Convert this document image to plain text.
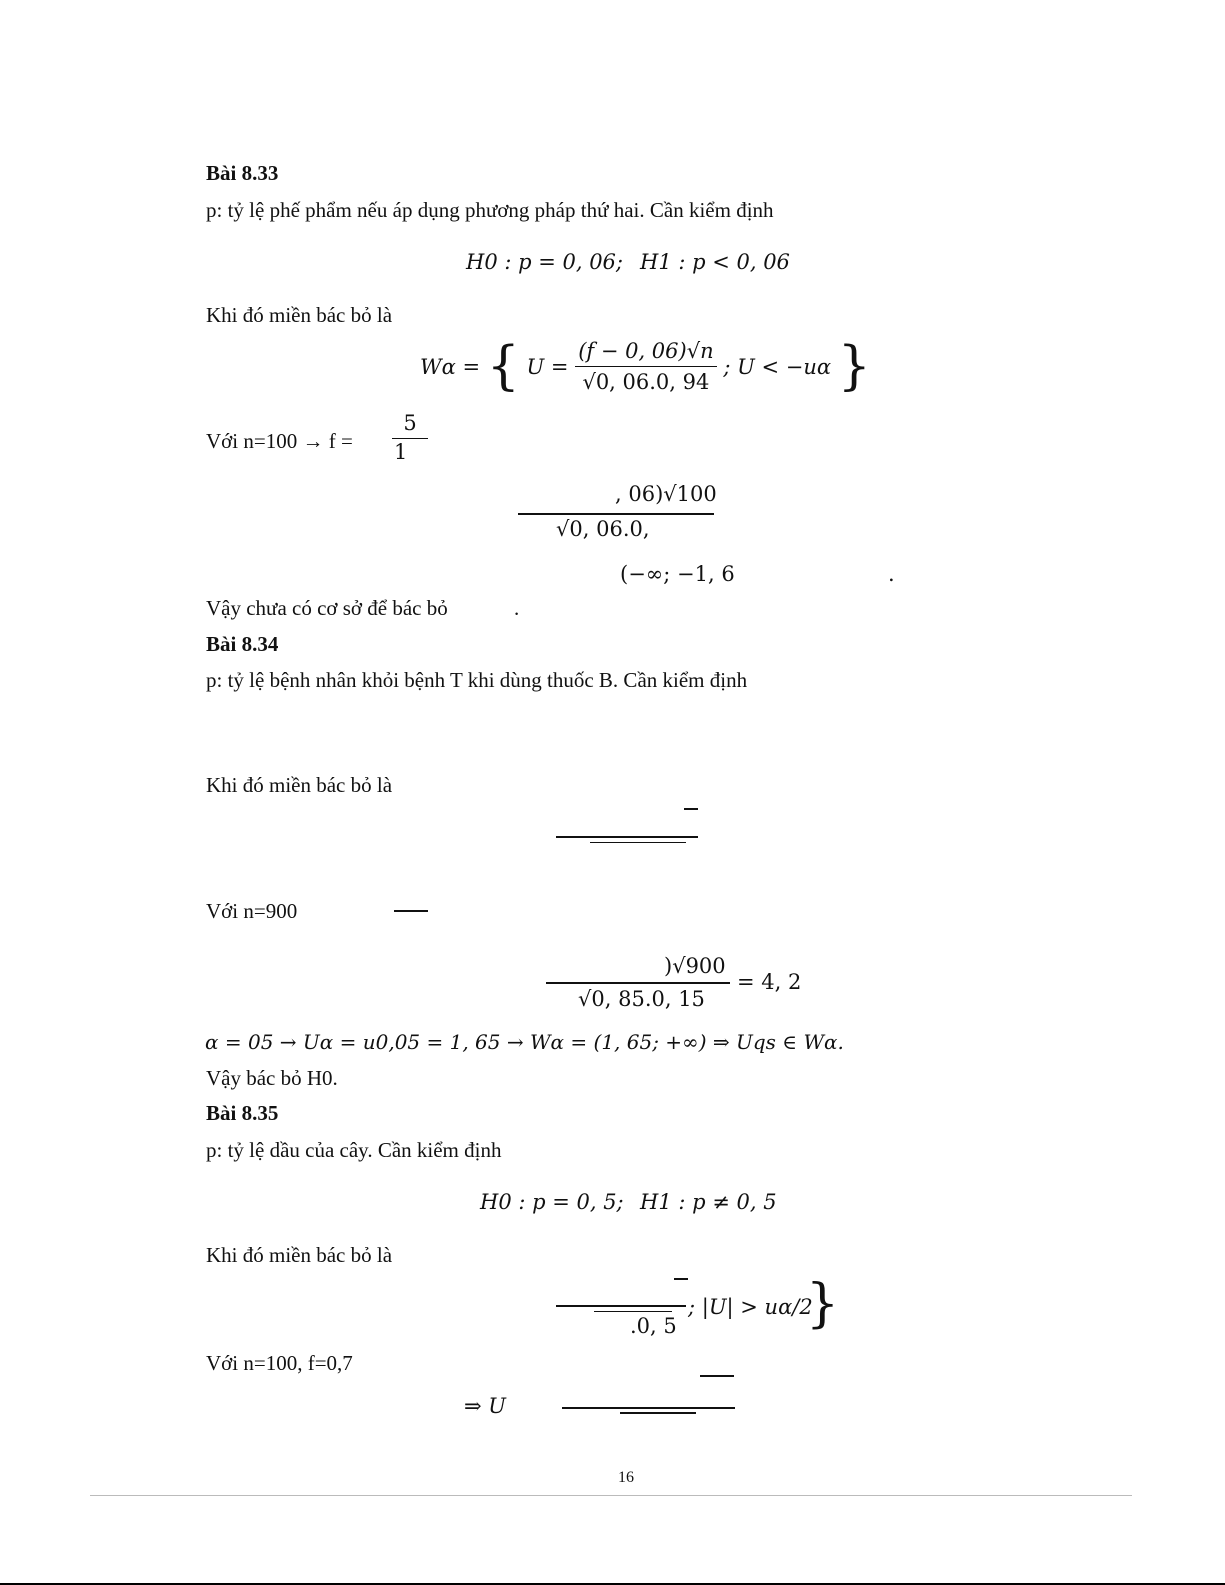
Bài 8.33
p: tỷ lệ phế phẩm nếu áp dụng phương pháp thứ hai. Cần kiểm định
H0 : p = 0, 06; H1 : p < 0, 06
Khi đó miền bác bỏ là
Wα = { $U = \frac{(f - 0, 06)√n}{√0, 06.0, 94}$ ; U < −uα }
Với $n=100 \to f = \frac{5}{1}$
, 06)√100
√0, 06.0,
(−∞; −1, 6	.
Vậy chưa có cơ sở để bác bỏ	.
Bài 8.34
p: tỷ lệ bệnh nhân khỏi bệnh T khi dùng thuốc B. Cần kiểm định
Khi đó miền bác bỏ là
Với n=900
)√900
√0, 85.0, 15
= 4, 2
α = 05 → Uα = u0,05 = 1, 65 → Wα = (1, 65; +∞) ⇒ Uqs ∈ Wα.
Vậy bác bỏ H0.
Bài 8.35
p: tỷ lệ dầu của cây. Cần kiểm định
H0 : p = 0, 5; H1 : p ≠ 0, 5
Khi đó miền bác bỏ là
.0, 5
; |U| > uα/2
}
Với n=100, f=0,7
⇒ U
16
